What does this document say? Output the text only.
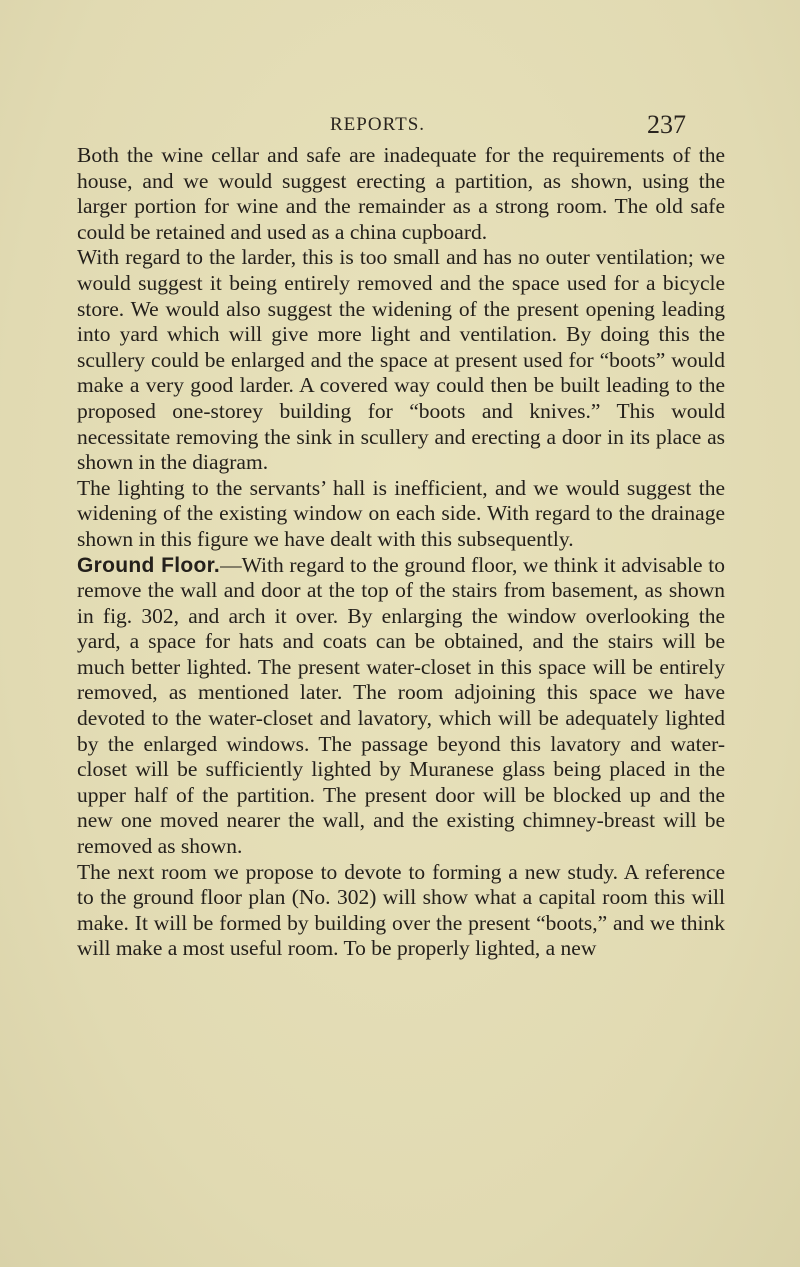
REPORTS.	237

Both the wine cellar and safe are inadequate for the requirements of the house, and we would suggest erecting a partition, as shown, using the larger portion for wine and the remainder as a strong room. The old safe could be retained and used as a china cupboard.

With regard to the larder, this is too small and has no outer ventilation; we would suggest it being entirely removed and the space used for a bicycle store. We would also suggest the widening of the present opening leading into yard which will give more light and ventilation. By doing this the scullery could be enlarged and the space at present used for “boots” would make a very good larder. A covered way could then be built leading to the proposed one-storey building for “boots and knives.” This would necessitate removing the sink in scullery and erecting a door in its place as shown in the diagram.

The lighting to the servants’ hall is inefficient, and we would suggest the widening of the existing window on each side. With regard to the drainage shown in this figure we have dealt with this subsequently.

Ground Floor.—With regard to the ground floor, we think it advisable to remove the wall and door at the top of the stairs from basement, as shown in fig. 302, and arch it over. By enlarging the window overlooking the yard, a space for hats and coats can be obtained, and the stairs will be much better lighted. The present water-closet in this space will be entirely removed, as mentioned later. The room adjoining this space we have devoted to the water-closet and lavatory, which will be adequately lighted by the enlarged windows. The passage beyond this lavatory and water-closet will be sufficiently lighted by Muranese glass being placed in the upper half of the partition. The present door will be blocked up and the new one moved nearer the wall, and the existing chimney-breast will be removed as shown.

The next room we propose to devote to forming a new study. A reference to the ground floor plan (No. 302) will show what a capital room this will make. It will be formed by building over the present “boots,” and we think will make a most useful room. To be properly lighted, a new
